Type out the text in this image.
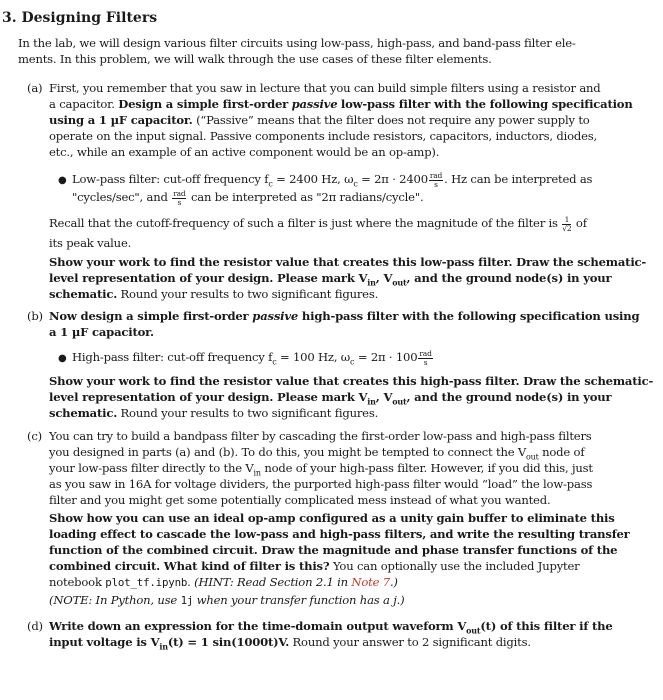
3. Designing Filters
In the lab, we will design various filter circuits using low-pass, high-pass, and band-pass filter ele-
ments. In this problem, we will walk through the use cases of these filter elements.
(a) First, you remember that you saw in lecture that you can build simple filters using a resistor and
a capacitor. Design a simple first-order passive low-pass filter with the following specification
using a 1 µF capacitor. (“Passive” means that the filter does not require any power supply to
operate on the input signal. Passive components include resistors, capacitors, inductors, diodes,
etc., while an example of an active component would be an op-amp).
● Low-pass filter: cut-off frequency $f_c = 2400$ Hz, $\omega_c = 2\pi \cdot 2400 \frac{\text{rad}}{s}$ . Hz can be interpreted as
"cycles/sec", and $\frac{\text{rad}}{s}$ can be interpreted as "2π radians/cycle".
Recall that the cutoff-frequency of such a filter is just where the magnitude of the filter is $\frac{1}{√2}$ of
its peak value.
Show your work to find the resistor value that creates this low-pass filter. Draw the schematic-
level representation of your design. Please mark $V_{in}$, $V_{out}$, and the ground node(s) in your
schematic. Round your results to two significant figures.
(b) Now design a simple first-order passive high-pass filter with the following specification using
a 1 µF capacitor.
● High-pass filter: cut-off frequency $f_c = 100$ Hz, $\omega_c = 2\pi \cdot 100 \frac{\text{rad}}{s}$
Show your work to find the resistor value that creates this high-pass filter. Draw the schematic-
level representation of your design. Please mark $V_{in}$, $V_{out}$, and the ground node(s) in your
schematic. Round your results to two significant figures.
(c) You can try to build a bandpass filter by cascading the first-order low-pass and high-pass filters
you designed in parts (a) and (b). To do this, you might be tempted to connect the $V_{out}$ node of
your low-pass filter directly to the $V_{in}$ node of your high-pass filter. However, if you did this, just
as you saw in 16A for voltage dividers, the purported high-pass filter would “load” the low-pass
filter and you might get some potentially complicated mess instead of what you wanted.
Show how you can use an ideal op-amp configured as a unity gain buffer to eliminate this
loading effect to cascade the low-pass and high-pass filters, and write the resulting transfer
function of the combined circuit. Draw the magnitude and phase transfer functions of the
combined circuit. What kind of filter is this? You can optionally use the included Jupyter
notebook plot_tf.ipynb. (HINT: Read Section 2.1 in Note 7.)
(NOTE: In Python, use 1j when your transfer function has a j.)
(d) Write down an expression for the time-domain output waveform $V_{out}(t)$ of this filter if the
input voltage is $V_{in}(t) = 1$ sin(1000t)V. Round your answer to 2 significant digits.
